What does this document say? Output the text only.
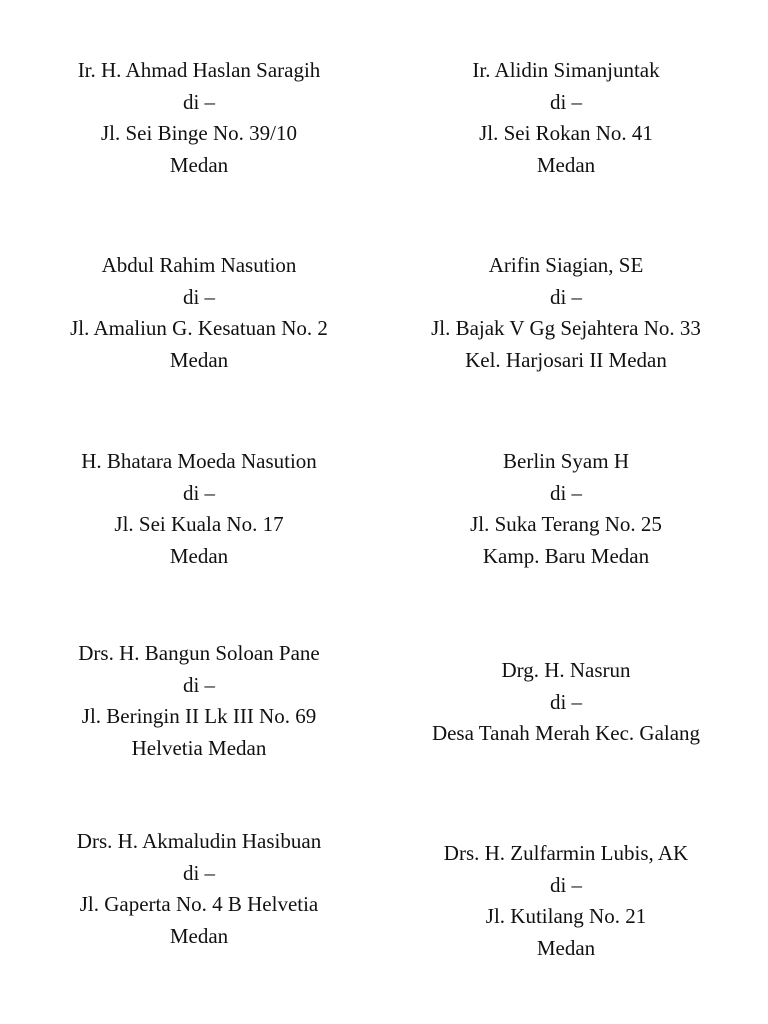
Ir. H. Ahmad Haslan Saragih
di –
Jl. Sei Binge No. 39/10
Medan
Ir. Alidin Simanjuntak
di –
Jl. Sei Rokan No. 41
Medan
Abdul Rahim Nasution
di –
Jl. Amaliun G. Kesatuan No. 2
Medan
Arifin Siagian, SE
di –
Jl. Bajak V Gg Sejahtera No. 33
Kel. Harjosari II Medan
H. Bhatara Moeda Nasution
di –
Jl. Sei Kuala No. 17
Medan
Berlin Syam H
di –
Jl. Suka Terang No. 25
Kamp. Baru Medan
Drs. H. Bangun Soloan Pane
di –
Jl. Beringin II Lk III No. 69
Helvetia Medan
Drg. H. Nasrun
di –
Desa Tanah Merah Kec. Galang
Drs. H. Akmaludin Hasibuan
di –
Jl. Gaperta No. 4 B Helvetia
Medan
Drs. H. Zulfarmin Lubis, AK
di –
Jl. Kutilang No. 21
Medan
